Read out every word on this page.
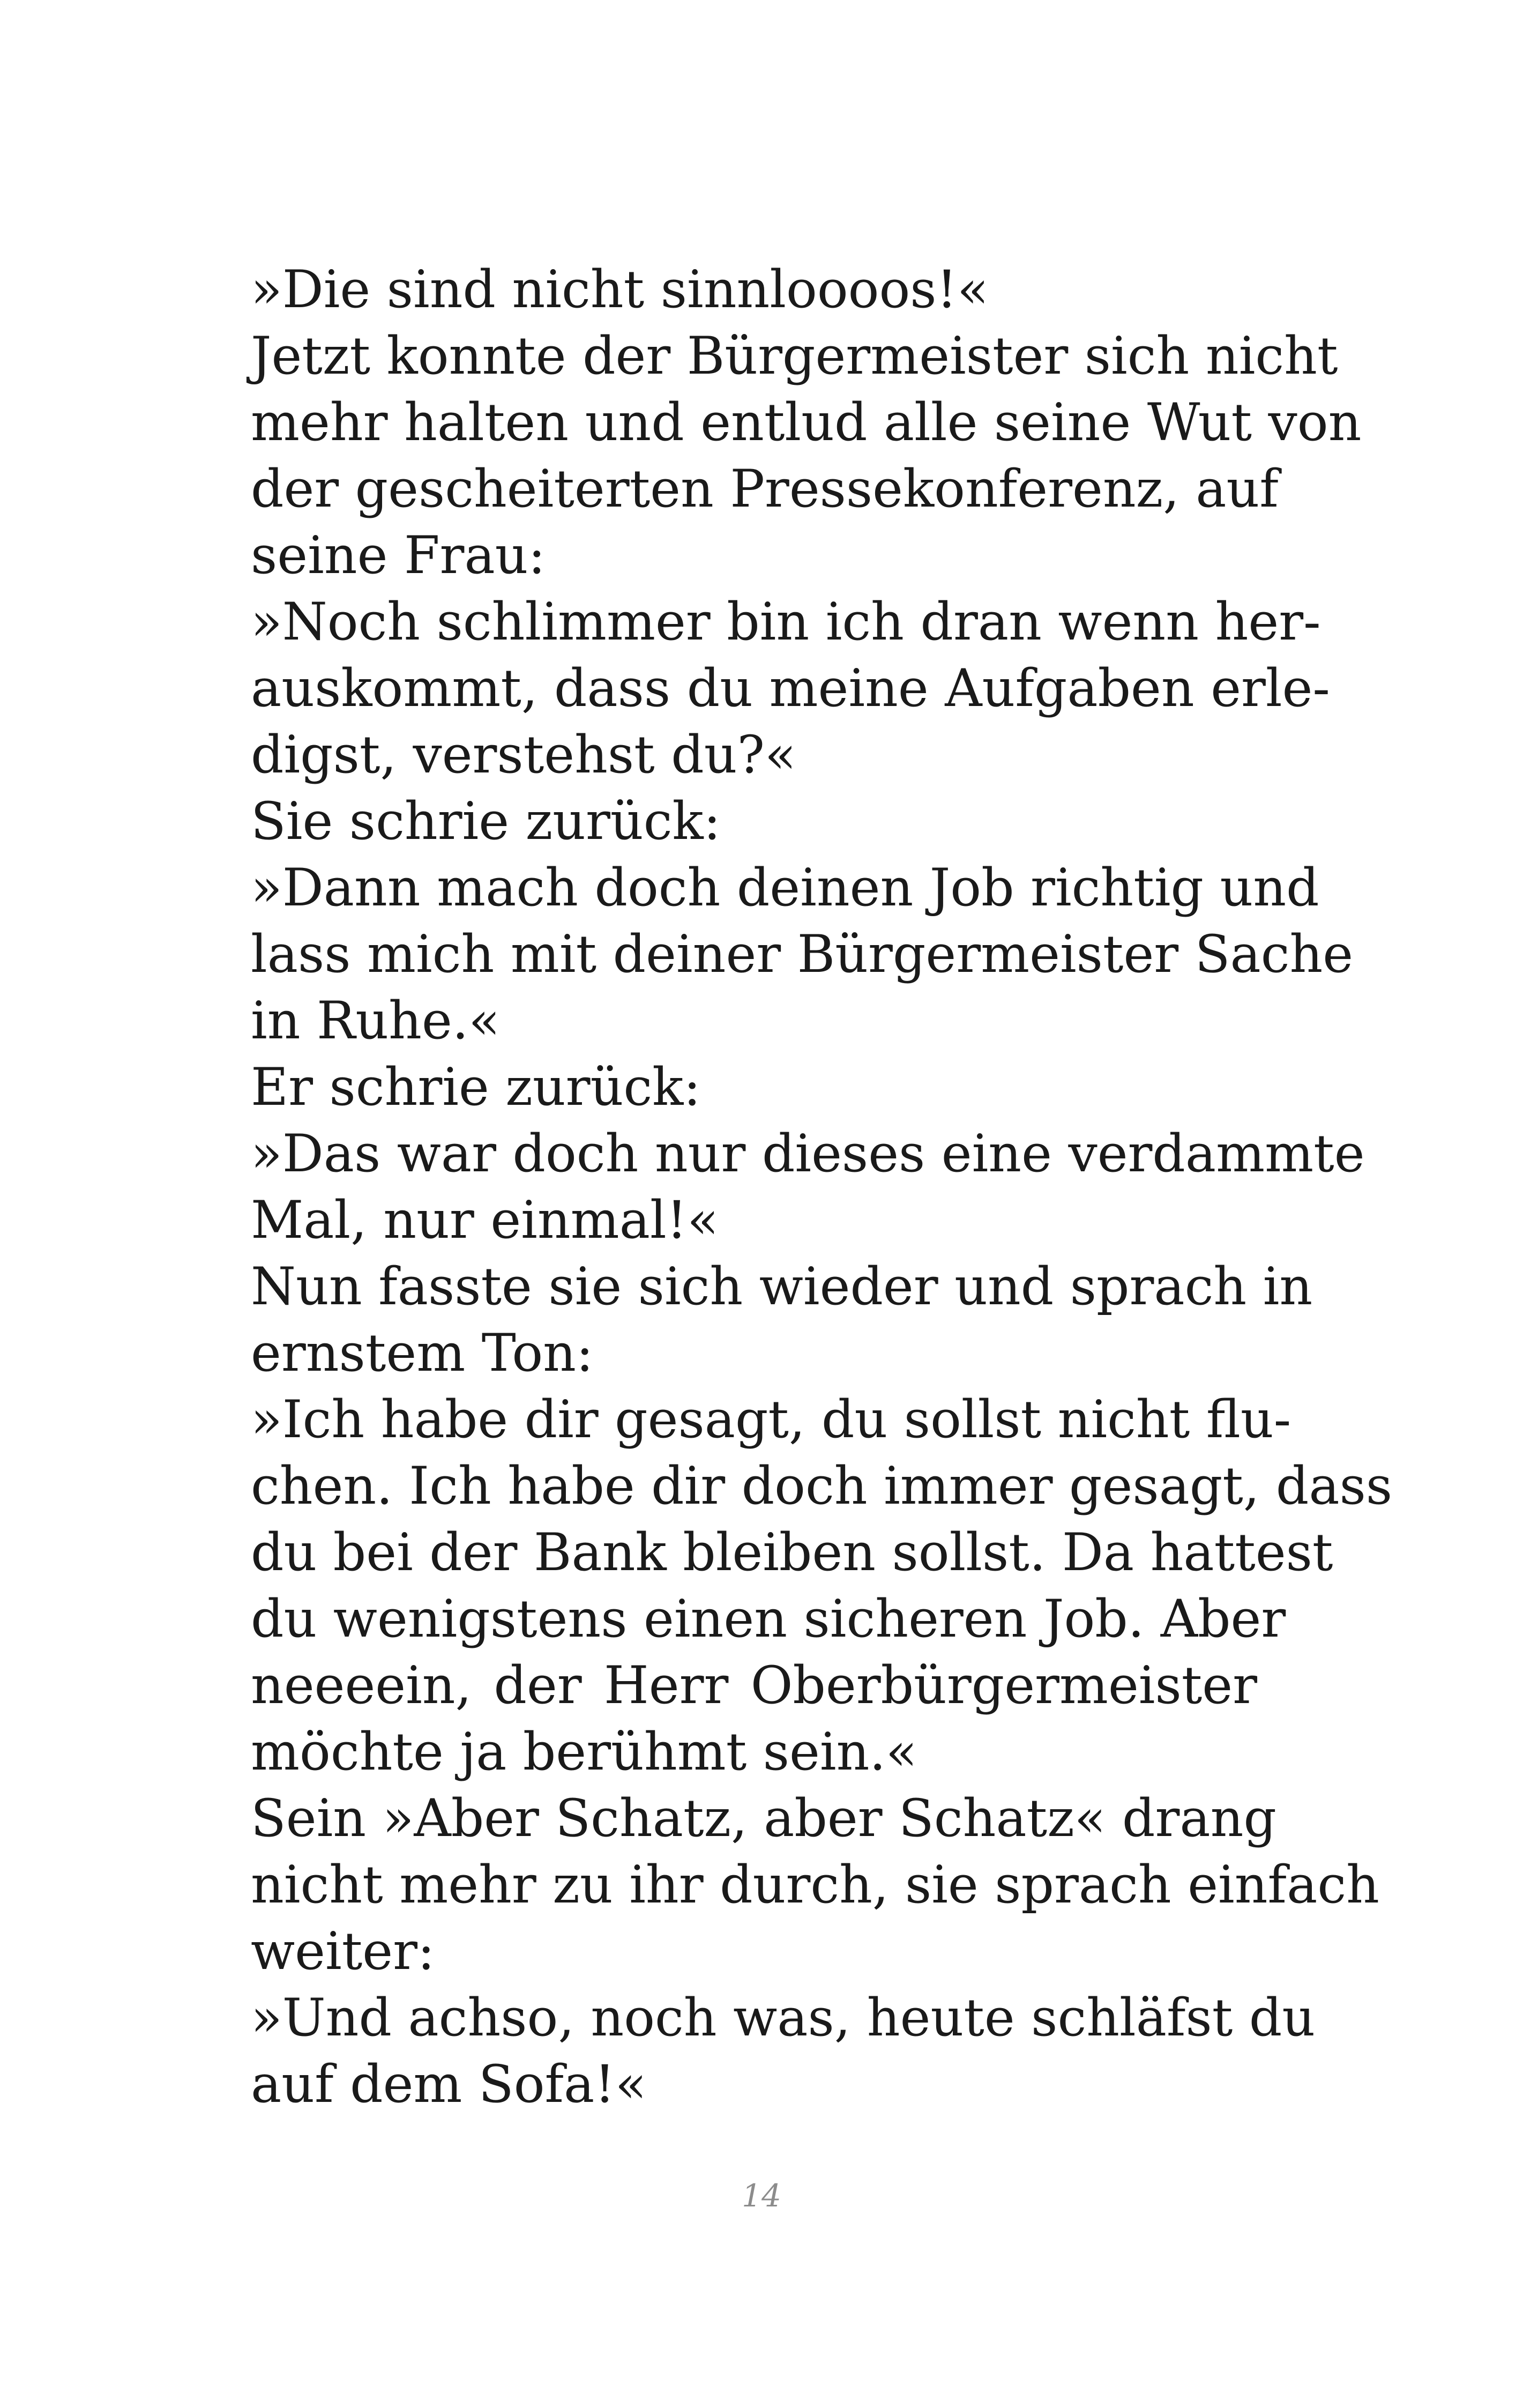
»Die sind nicht sinnloooos!«
Jetzt konnte der Bürgermeister sich nicht
mehr halten und entlud alle seine Wut von
der gescheiterten Pressekonferenz, auf
seine Frau:
»Noch schlimmer bin ich dran wenn her-
auskommt, dass du meine Aufgaben erle-
digst, verstehst du?«
Sie schrie zurück:
»Dann mach doch deinen Job richtig und
lass mich mit deiner Bürgermeister Sache
in Ruhe.«
Er schrie zurück:
»Das war doch nur dieses eine verdammte
Mal, nur einmal!«
Nun fasste sie sich wieder und sprach in
ernstem Ton:
»Ich habe dir gesagt, du sollst nicht flu-
chen. Ich habe dir doch immer gesagt, dass
du bei der Bank bleiben sollst. Da hattest
du wenigstens einen sicheren Job. Aber
neeeein, der Herr Oberbürgermeister
möchte ja berühmt sein.«
Sein »Aber Schatz, aber Schatz« drang
nicht mehr zu ihr durch, sie sprach einfach
weiter:
»Und achso, noch was, heute schläfst du
auf dem Sofa!«
14
